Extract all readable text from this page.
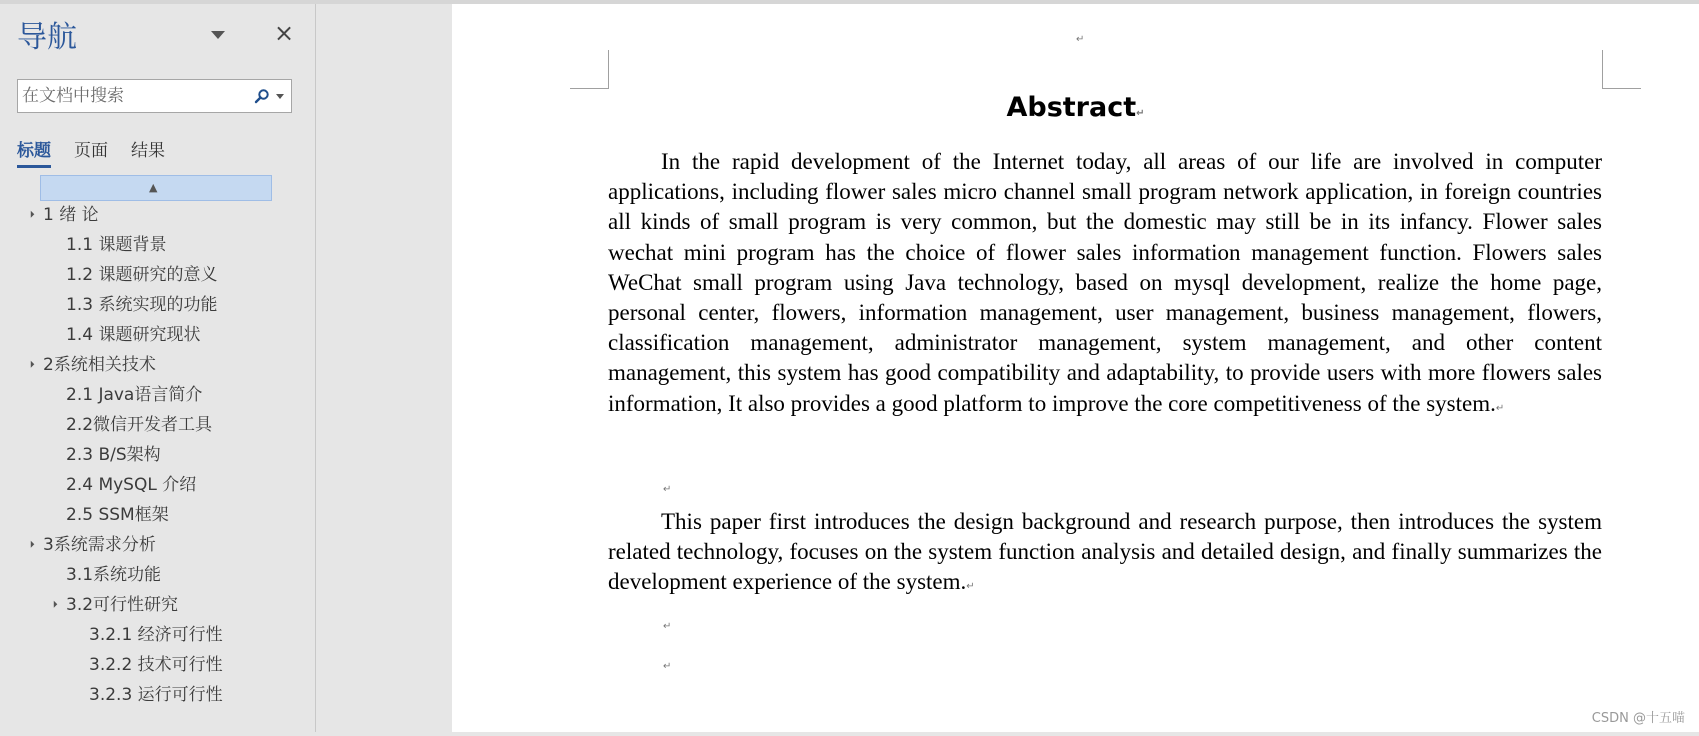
导航	×
在文档中搜索
标题 页面 结果
▲
1 绪 论
1.1 课题背景
1.2 课题研究的意义
1.3 系统实现的功能
1.4 课题研究现状
2系统相关技术
2.1 Java语言简介
2.2微信开发者工具
2.3 B/S架构
2.4 MySQL 介绍
2.5 SSM框架
3系统需求分析
3.1系统功能
3.2可行性研究
3.2.1 经济可行性
3.2.2 技术可行性
3.2.3 运行可行性
↵
Abstract↵

In the rapid development of the Internet today, all areas of our life are involved in computer applications, including flower sales micro channel small program network application, in foreign countries all kinds of small program is very common, but the domestic may still be in its infancy. Flower sales wechat mini program has the choice of flower sales information management function. Flowers sales WeChat small program using Java technology, based on mysql development, realize the home page, personal center, flowers, information management, user management, business management, flowers, classification management, administrator management, system management, and other content management, this system has good compatibility and adaptability, to provide users with more flowers sales information, It also provides a good platform to improve the core competitiveness of the system.↵

↵

This paper first introduces the design background and research purpose, then introduces the system related technology, focuses on the system function analysis and detailed design, and finally summarizes the development experience of the system.↵

↵
↵
CSDN @十五喵
